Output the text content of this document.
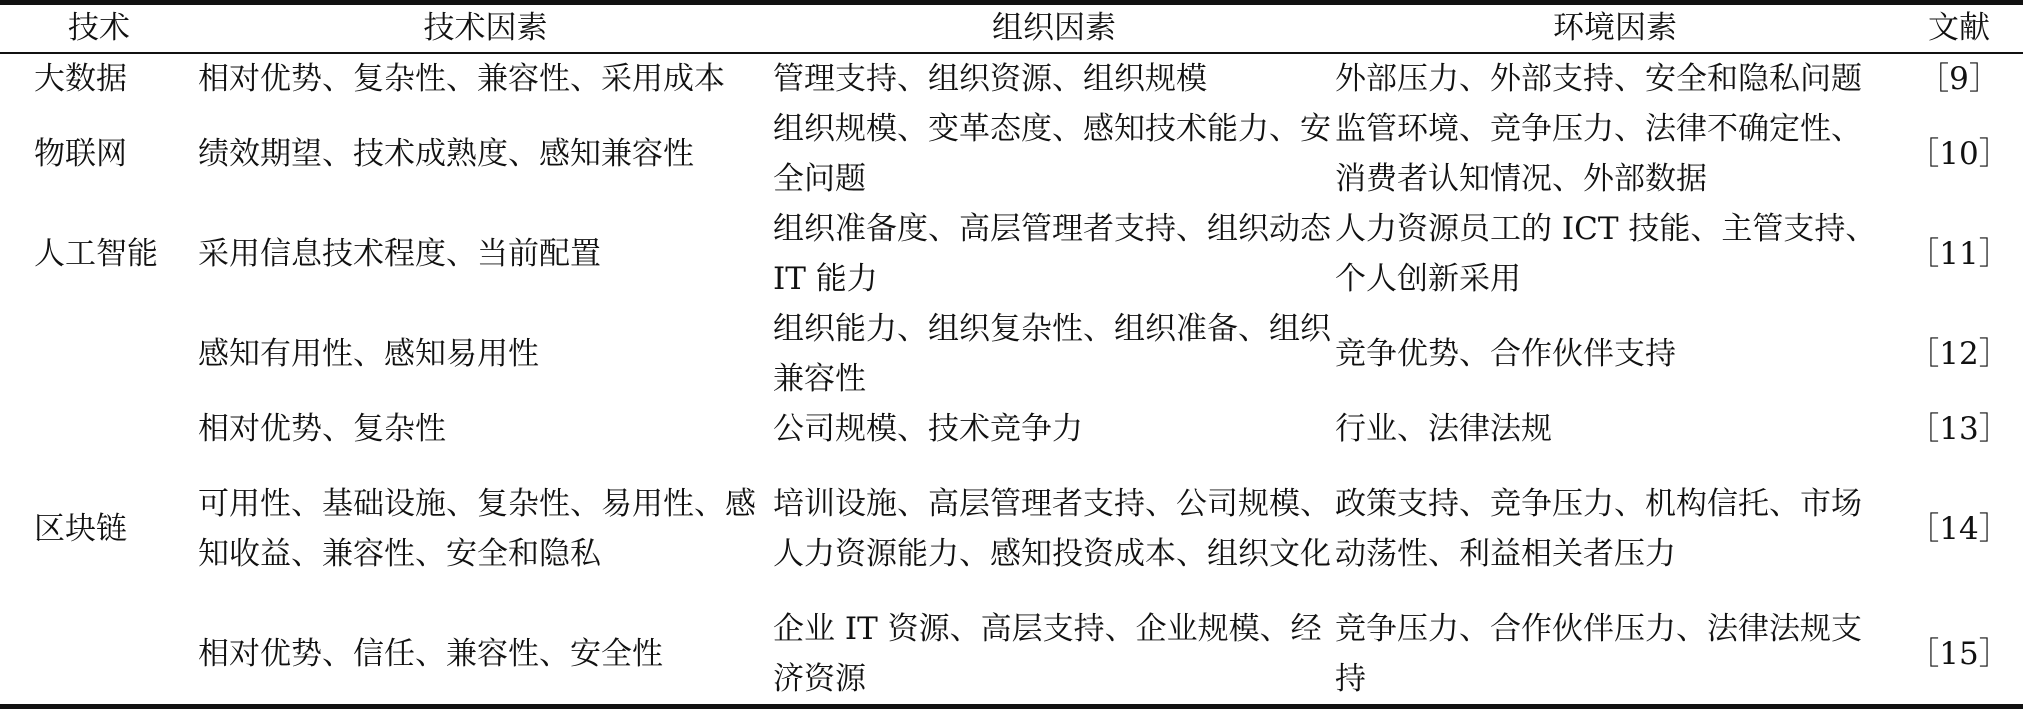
技术	技术因素	组织因素	环境因素	文献
大数据	相对优势、复杂性、兼容性、采用成本	管理支持、组织资源、组织规模	外部压力、外部支持、安全和隐私问题	［9］
物联网	绩效期望、技术成熟度、感知兼容性	组织规模、变革态度、感知技术能力、安全问题	监管环境、竞争压力、法律不确定性、消费者认知情况、外部数据	［10］
人工智能	采用信息技术程度、当前配置	组织准备度、高层管理者支持、组织动态 IT 能力	人力资源员工的 ICT 技能、主管支持、个人创新采用	［11］
	感知有用性、感知易用性	组织能力、组织复杂性、组织准备、组织兼容性	竞争优势、合作伙伴支持	［12］
	相对优势、复杂性	公司规模、技术竞争力	行业、法律法规	［13］
区块链	可用性、基础设施、复杂性、易用性、感知收益、兼容性、安全和隐私	培训设施、高层管理者支持、公司规模、人力资源能力、感知投资成本、组织文化	政策支持、竞争压力、机构信托、市场动荡性、利益相关者压力	［14］
	相对优势、信任、兼容性、安全性	企业 IT 资源、高层支持、企业规模、经济资源	竞争压力、合作伙伴压力、法律法规支持	［15］
